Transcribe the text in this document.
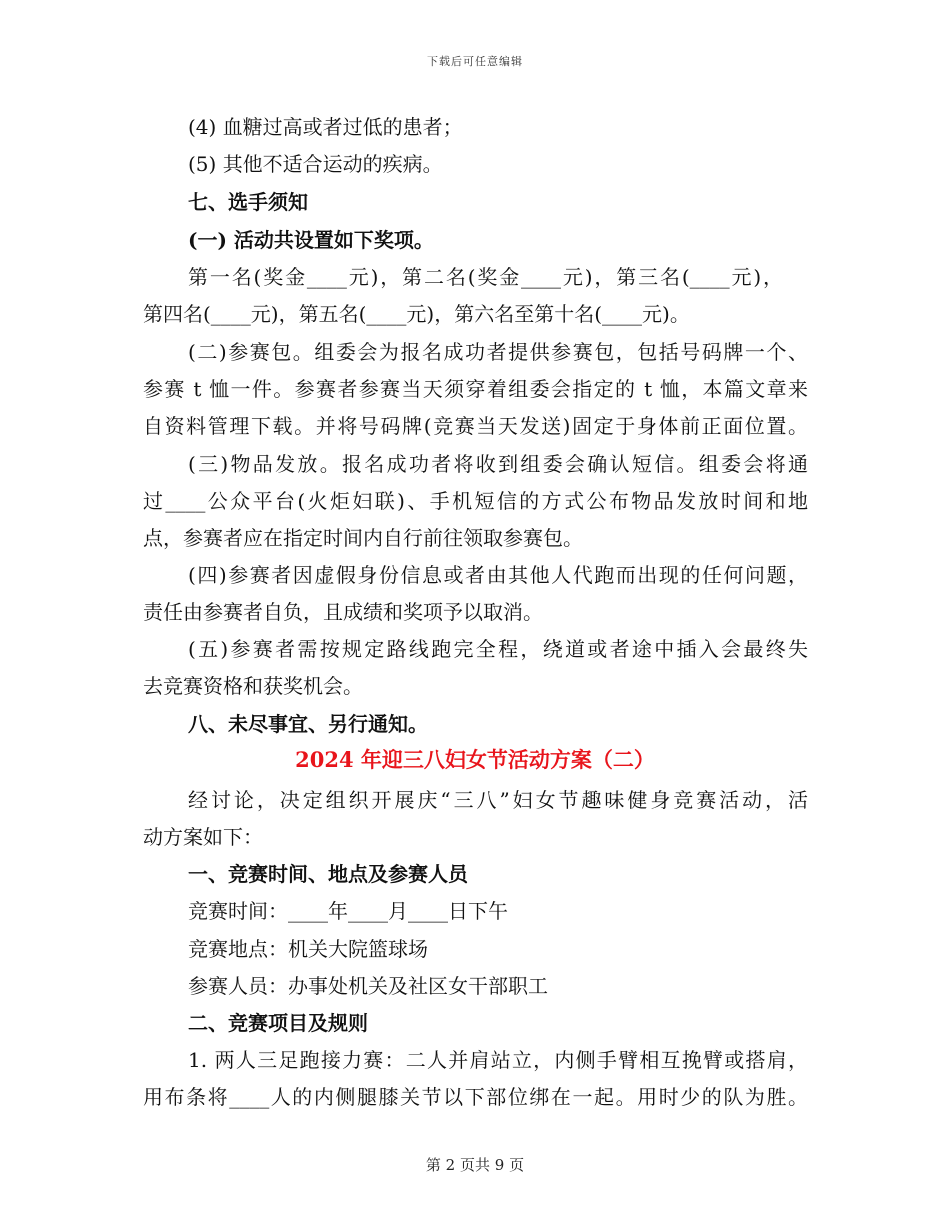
下载后可任意编辑
(4) 血糖过高或者过低的患者；
(5) 其他不适合运动的疾病。
七、选手须知
(一) 活动共设置如下奖项。
第一名(奖金____元)，第二名(奖金____元)，第三名(____元)，
第四名(____元)，第五名(____元)，第六名至第十名(____元)。
(二)参赛包。组委会为报名成功者提供参赛包，包括号码牌一个、
参赛 t 恤一件。参赛者参赛当天须穿着组委会指定的 t 恤，本篇文章来
自资料管理下载。并将号码牌(竞赛当天发送)固定于身体前正面位置。
(三)物品发放。报名成功者将收到组委会确认短信。组委会将通
过____公众平台(火炬妇联)、手机短信的方式公布物品发放时间和地
点，参赛者应在指定时间内自行前往领取参赛包。
(四)参赛者因虚假身份信息或者由其他人代跑而出现的任何问题，
责任由参赛者自负，且成绩和奖项予以取消。
(五)参赛者需按规定路线跑完全程，绕道或者途中插入会最终失
去竞赛资格和获奖机会。
八、未尽事宜、另行通知。
2024 年迎三八妇女节活动方案（二）
经讨论，决定组织开展庆“三八”妇女节趣味健身竞赛活动，活
动方案如下：
一、竞赛时间、地点及参赛人员
竞赛时间：____年____月____日下午
竞赛地点：机关大院篮球场
参赛人员：办事处机关及社区女干部职工
二、竞赛项目及规则
1. 两人三足跑接力赛：二人并肩站立，内侧手臂相互挽臂或搭肩，
用布条将____人的内侧腿膝关节以下部位绑在一起。用时少的队为胜。
第 2 页共 9 页
